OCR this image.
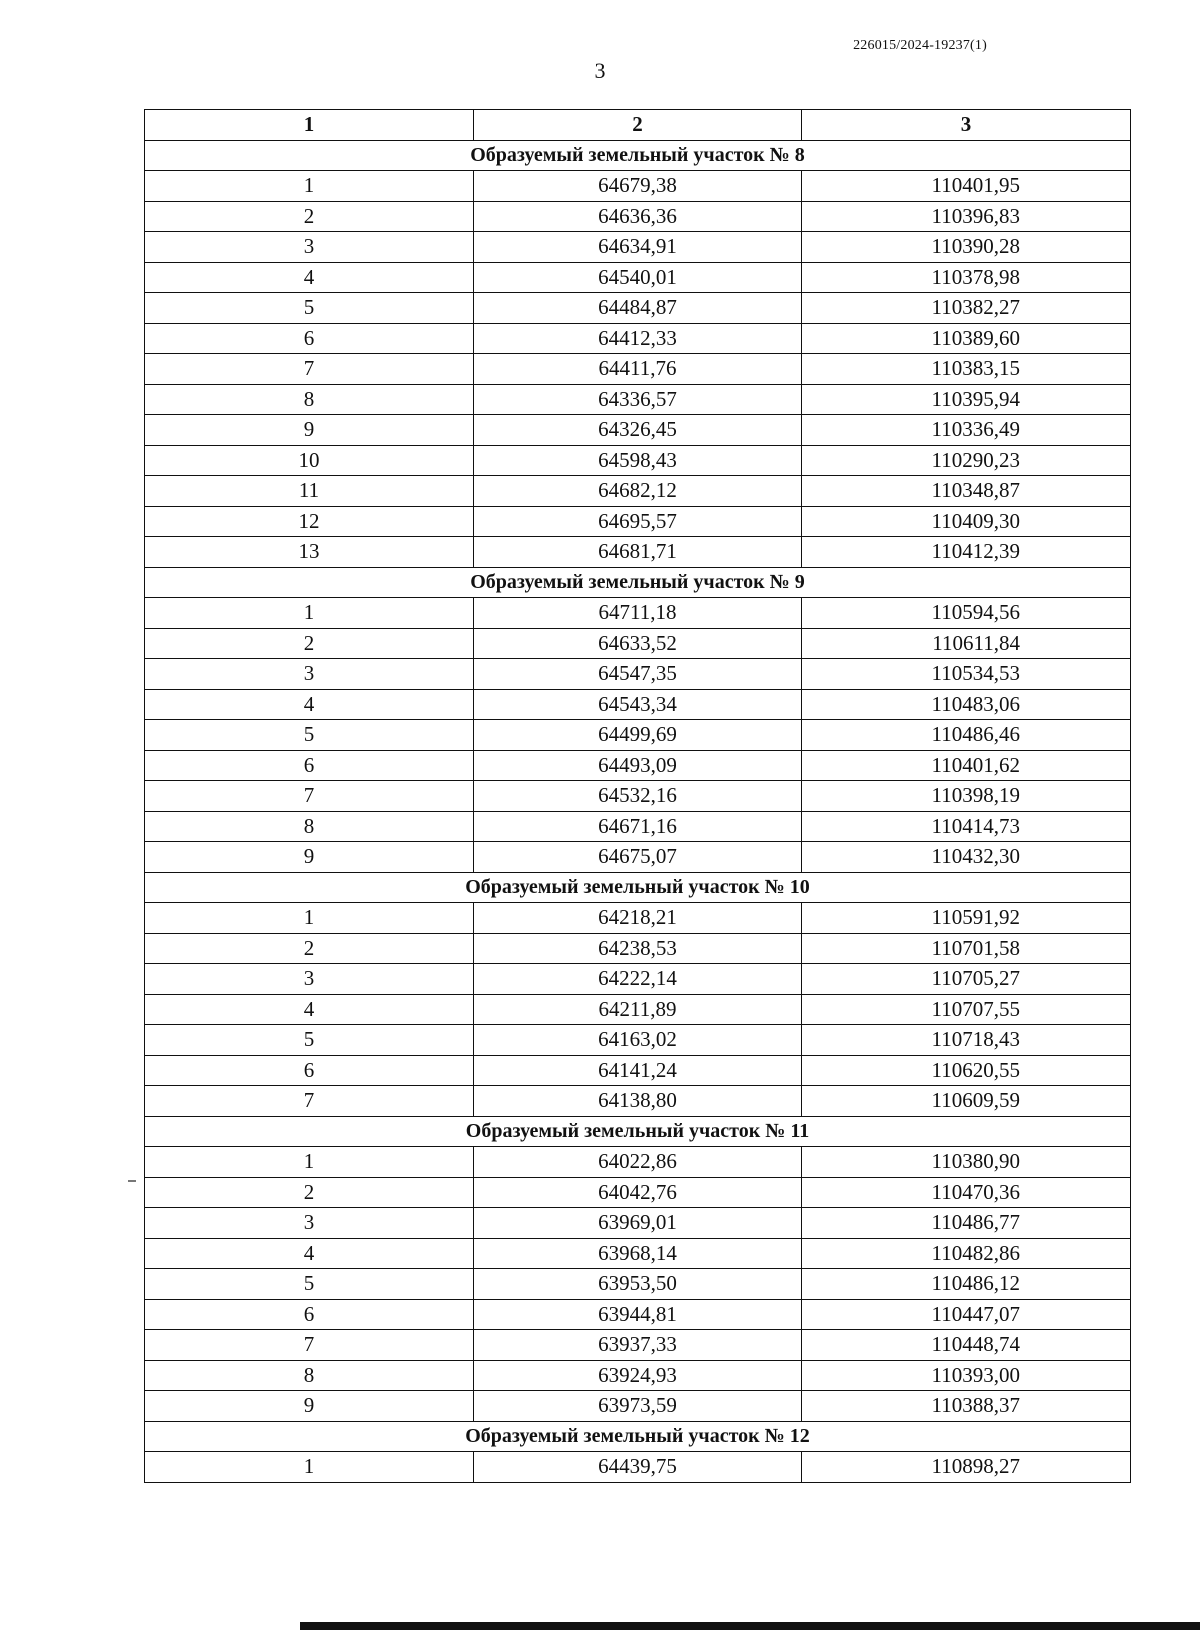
226015/2024-19237(1)
3
1	2	3
Образуемый земельный участок № 8		
1	64679,38	110401,95
2	64636,36	110396,83
3	64634,91	110390,28
4	64540,01	110378,98
5	64484,87	110382,27
6	64412,33	110389,60
7	64411,76	110383,15
8	64336,57	110395,94
9	64326,45	110336,49
10	64598,43	110290,23
11	64682,12	110348,87
12	64695,57	110409,30
13	64681,71	110412,39
Образуемый земельный участок № 9		
1	64711,18	110594,56
2	64633,52	110611,84
3	64547,35	110534,53
4	64543,34	110483,06
5	64499,69	110486,46
6	64493,09	110401,62
7	64532,16	110398,19
8	64671,16	110414,73
9	64675,07	110432,30
Образуемый земельный участок № 10		
1	64218,21	110591,92
2	64238,53	110701,58
3	64222,14	110705,27
4	64211,89	110707,55
5	64163,02	110718,43
6	64141,24	110620,55
7	64138,80	110609,59
Образуемый земельный участок № 11		
1	64022,86	110380,90
2	64042,76	110470,36
3	63969,01	110486,77
4	63968,14	110482,86
5	63953,50	110486,12
6	63944,81	110447,07
7	63937,33	110448,74
8	63924,93	110393,00
9	63973,59	110388,37
Образуемый земельный участок № 12		
1	64439,75	110898,27
